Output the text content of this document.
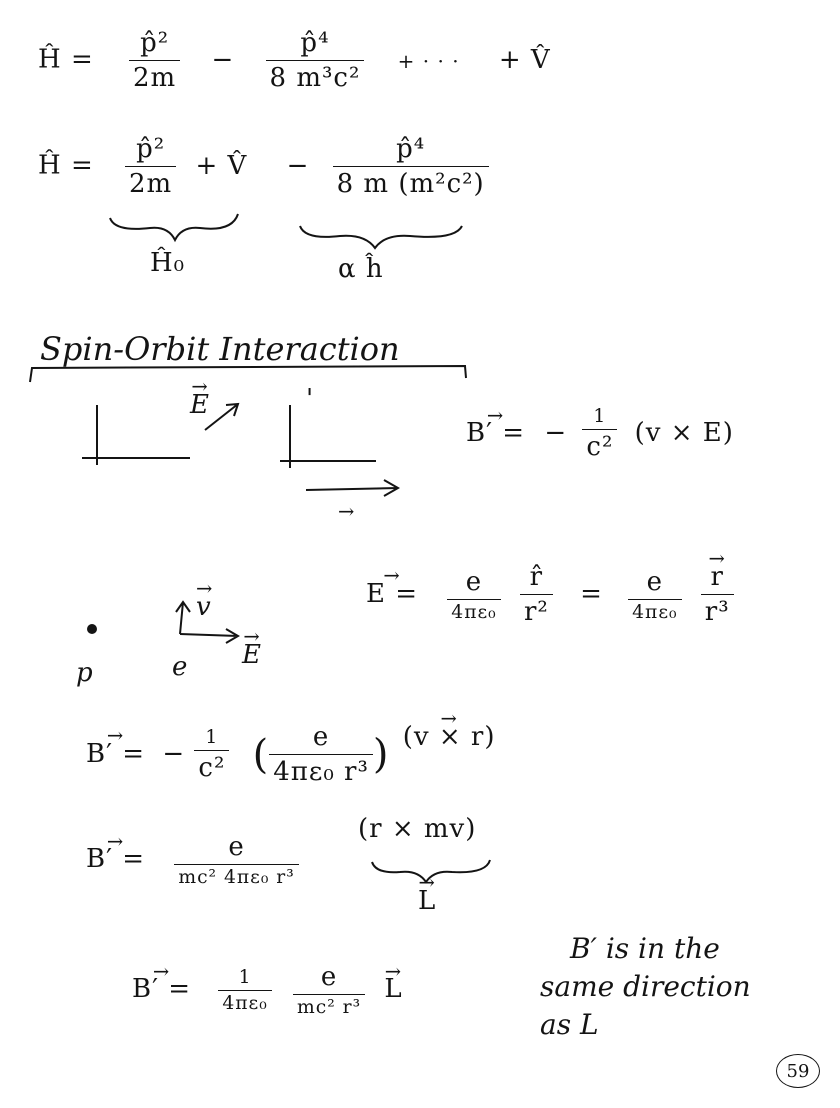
Ĥ = $\frac{\text{p̂²}}{2m} - \frac{\text{p̂⁴}}{\text{8 m³c²}}$ + · · · + V̂
Ĥ = $\frac{\text{p̂²}}{2m}$ + V̂ − $\frac{\text{p̂⁴}}{\text{8 m (m²c²)}}$
Ĥ₀	α ĥ
Spin-Orbit Interaction
→ E	'
→ B′ = − $\frac{1}{\text{c²}} (v \times E)$
→ $E = \frac{e}{\text{4πε₀}}$
$\frac{r̂}{\text{r²}} = \frac{e}{\text{4πε₀}}$

→ $\frac{r}{\text{r³}}$
p	e
→ v
→ E
→ B′ = − $\frac{1}{\text{c²}}$ ( $\frac{e}{\text{4πε₀ r³}}$ ) → (v × r)
→ $B' = \frac{e}{\text{mc² 4πε₀ r³}}$
(r × mv)
→ L
→ $B' = \frac{1}{\text{4πε₀}}$
$\frac{e}{\text{mc² r³}}$
→ L
B′ is in the
same direction
as L
59
